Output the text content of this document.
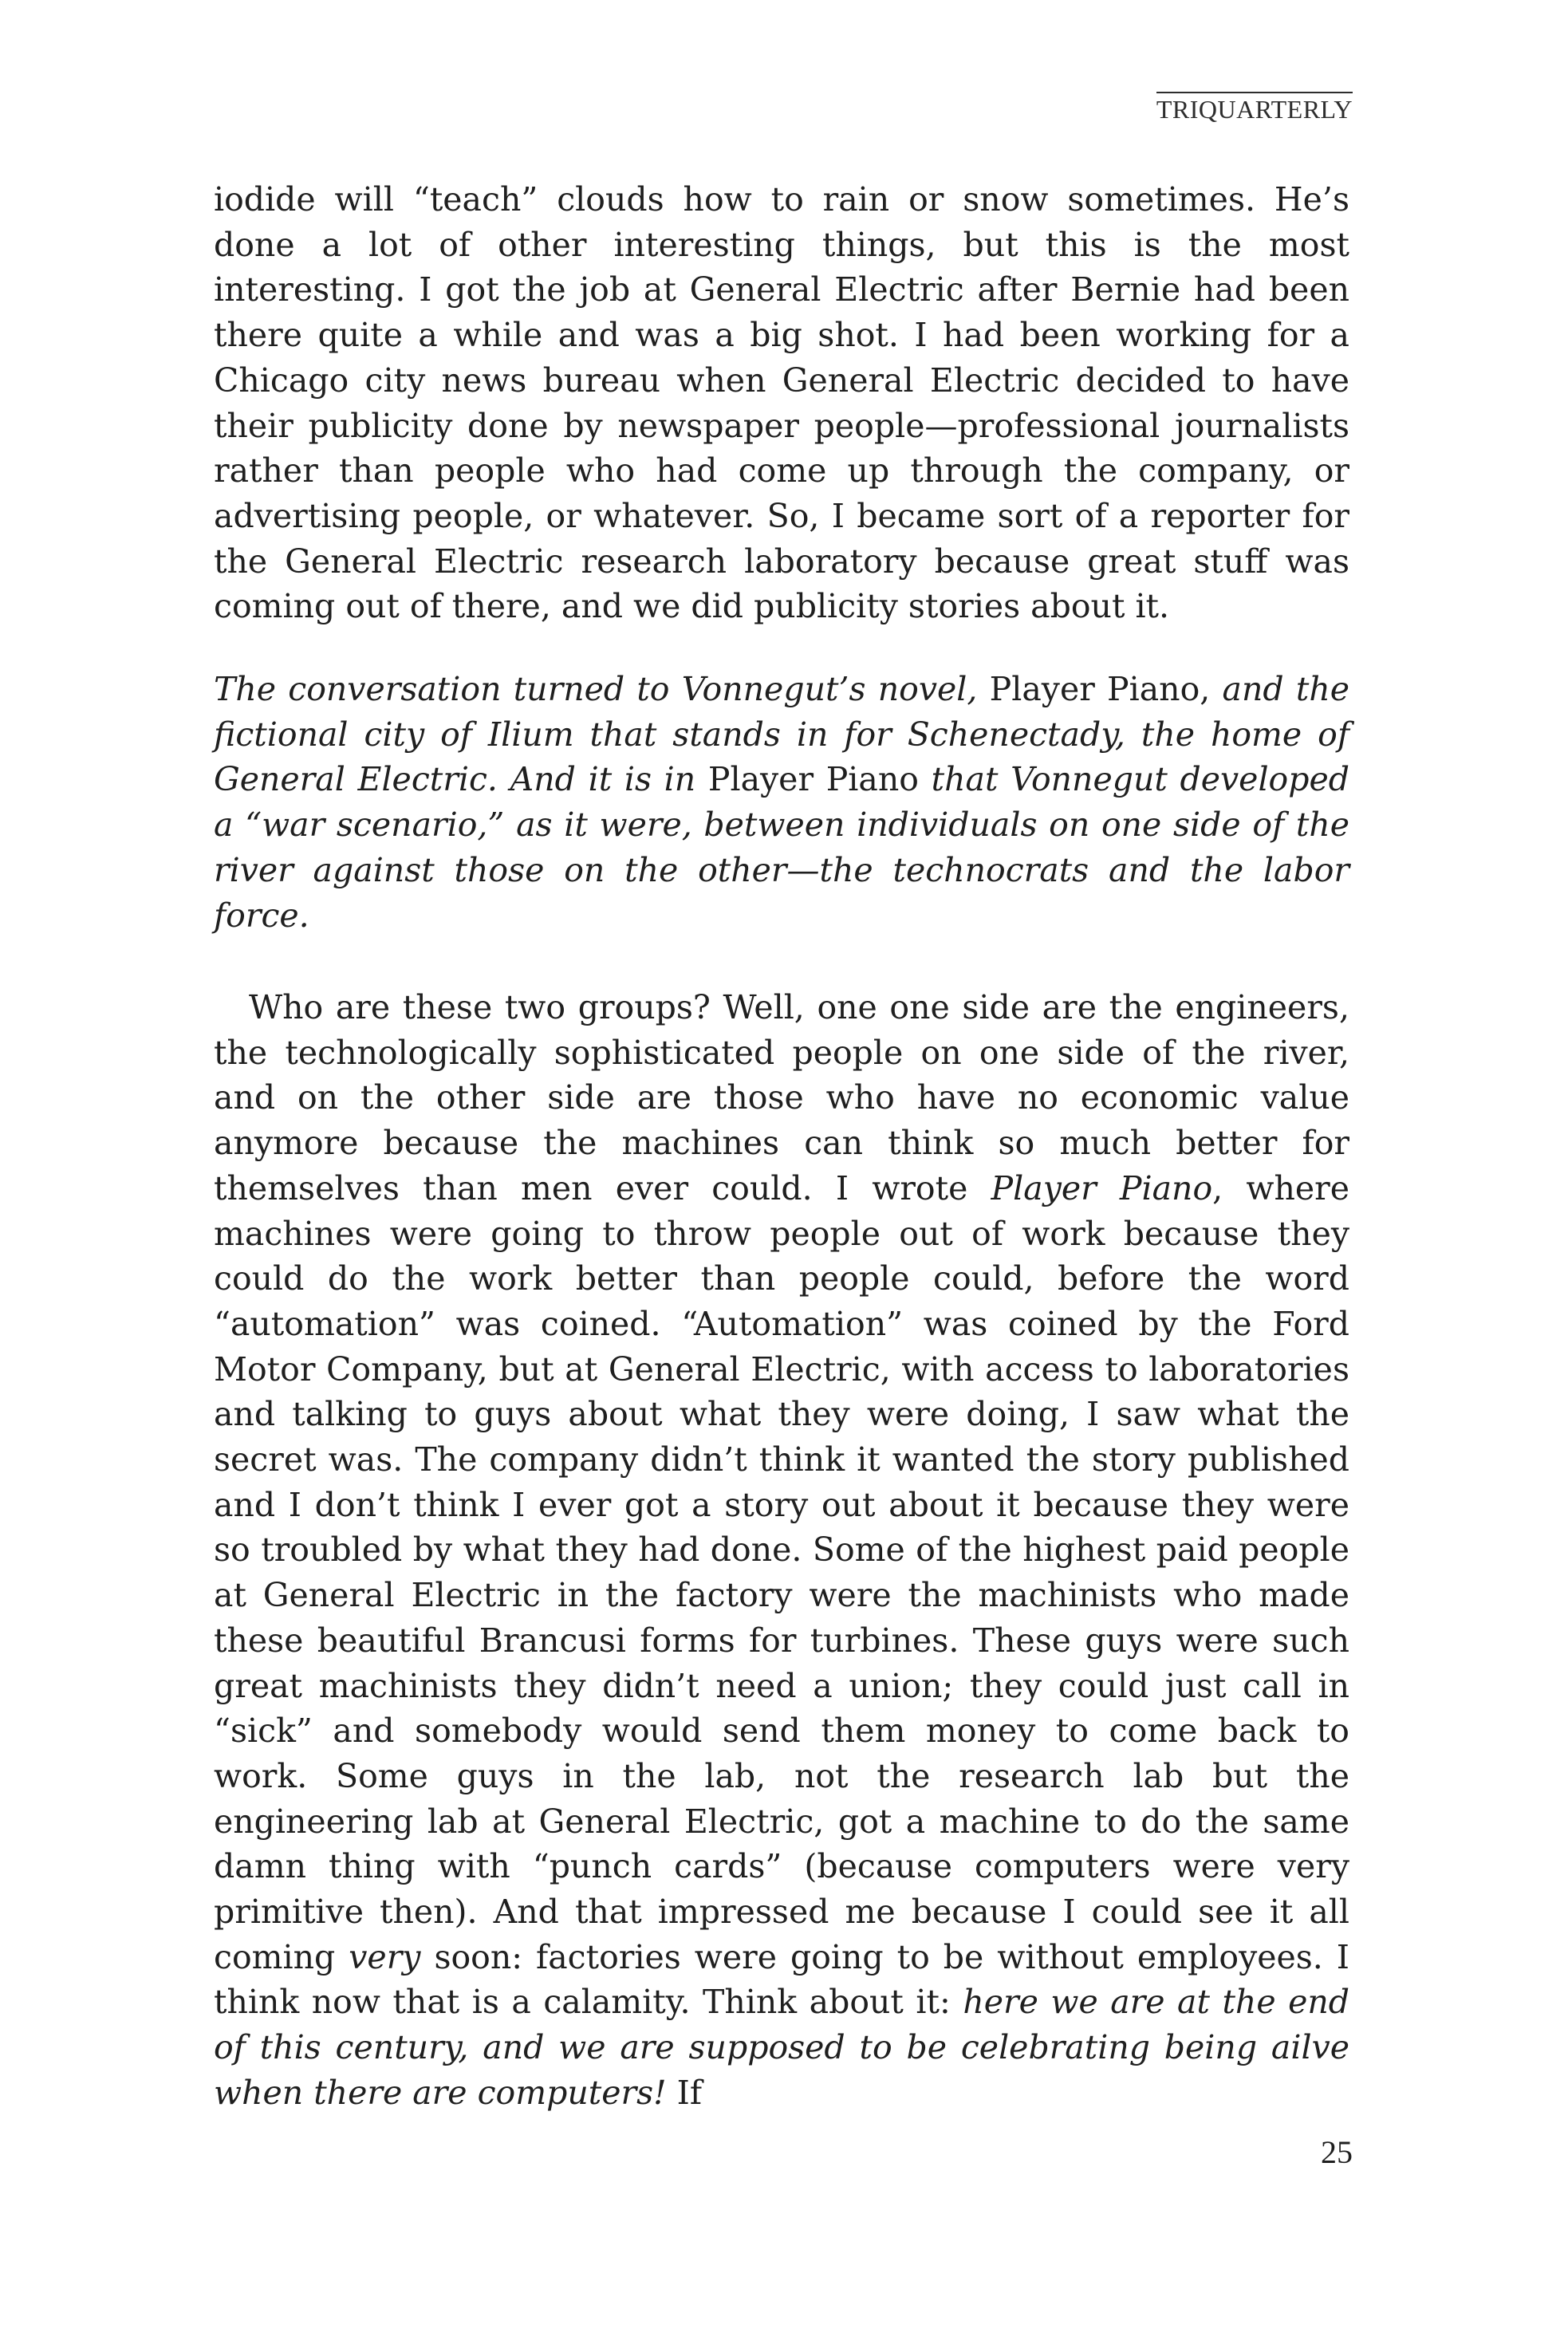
TRIQUARTERLY

iodide will “teach” clouds how to rain or snow sometimes. He’s done a lot of other interesting things, but this is the most interesting. I got the job at General Electric after Bernie had been there quite a while and was a big shot. I had been working for a Chicago city news bureau when General Electric decided to have their publicity done by newspaper people—professional journalists rather than people who had come up through the company, or advertising people, or whatever. So, I became sort of a reporter for the General Electric research laboratory because great stuff was coming out of there, and we did publicity stories about it.

The conversation turned to Vonnegut’s novel, Player Piano, and the fictional city of Ilium that stands in for Schenectady, the home of General Electric. And it is in Player Piano that Vonnegut developed a “war scenario,” as it were, between individuals on one side of the river against those on the other—the technocrats and the labor force.

Who are these two groups? Well, one one side are the engineers, the technologically sophisticated people on one side of the river, and on the other side are those who have no economic value anymore because the machines can think so much better for themselves than men ever could. I wrote Player Piano, where machines were going to throw people out of work because they could do the work better than people could, before the word “automation” was coined. “Automation” was coined by the Ford Motor Company, but at General Electric, with access to laboratories and talking to guys about what they were doing, I saw what the secret was. The company didn’t think it wanted the story published and I don’t think I ever got a story out about it because they were so troubled by what they had done. Some of the highest paid people at General Electric in the factory were the machinists who made these beautiful Brancusi forms for turbines. These guys were such great machinists they didn’t need a union; they could just call in “sick” and somebody would send them money to come back to work. Some guys in the lab, not the research lab but the engineering lab at General Electric, got a machine to do the same damn thing with “punch cards” (because computers were very primitive then). And that impressed me because I could see it all coming very soon: factories were going to be without employees. I think now that is a calamity. Think about it: here we are at the end of this century, and we are supposed to be celebrating being ailve when there are computers! If

25
